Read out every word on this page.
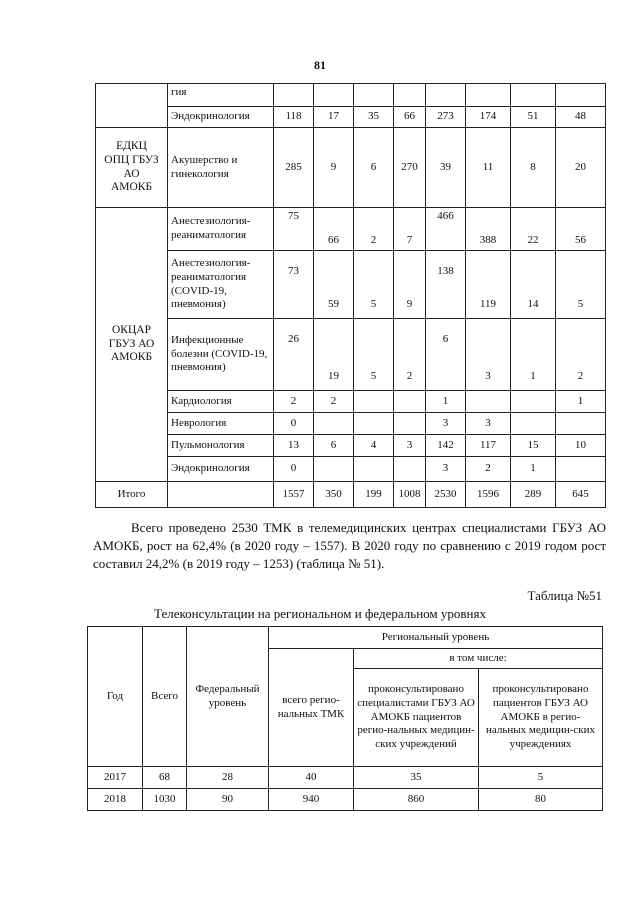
81
	гия								
	Эндокринология	118	17	35	66	273	174	51	48
ЕДКЦ
ОПЦ ГБУЗ
АО
АМОКБ	Акушерство и гинекология	285	9	6	270	39	11	8	20
ОКЦАР
ГБУЗ АО
АМОКБ	Анестезиология-реаниматология	75	66	2	7	466	388	22	56
	Анестезиология-реаниматология (COVID-19, пневмония)	73	59	5	9	138	119	14	5
	Инфекционные болезни (COVID-19, пневмония)	26	19	5	2	6	3	1	2
	Кардиология	2	2			1			1
	Неврология	0				3	3		
	Пульмонология	13	6	4	3	142	117	15	10
	Эндокринология	0				3	2	1	
Итого		1557	350	199	1008	2530	1596	289	645

Всего проведено 2530 ТМК в телемедицинских центрах специалистами ГБУЗ АО АМОКБ, рост на 62,4% (в 2020 году – 1557). В 2020 году по сравнению с 2019 годом рост составил 24,2% (в 2019 году – 1253) (таблица № 51).

Таблица №51
Телеконсультации на региональном и федеральном уровнях
Год	Всего	Федеральный уровень	Региональный уровень		
			всего регио-нальных ТМК	в том числе:	
				проконсультировано специалистами ГБУЗ АО АМОКБ пациентов регио-нальных медицин-ских учреждений	проконсультировано пациентов ГБУЗ АО АМОКБ в регио-нальных медицин-ских учреждениях
2017	68	28	40	35	5
2018	1030	90	940	860	80
